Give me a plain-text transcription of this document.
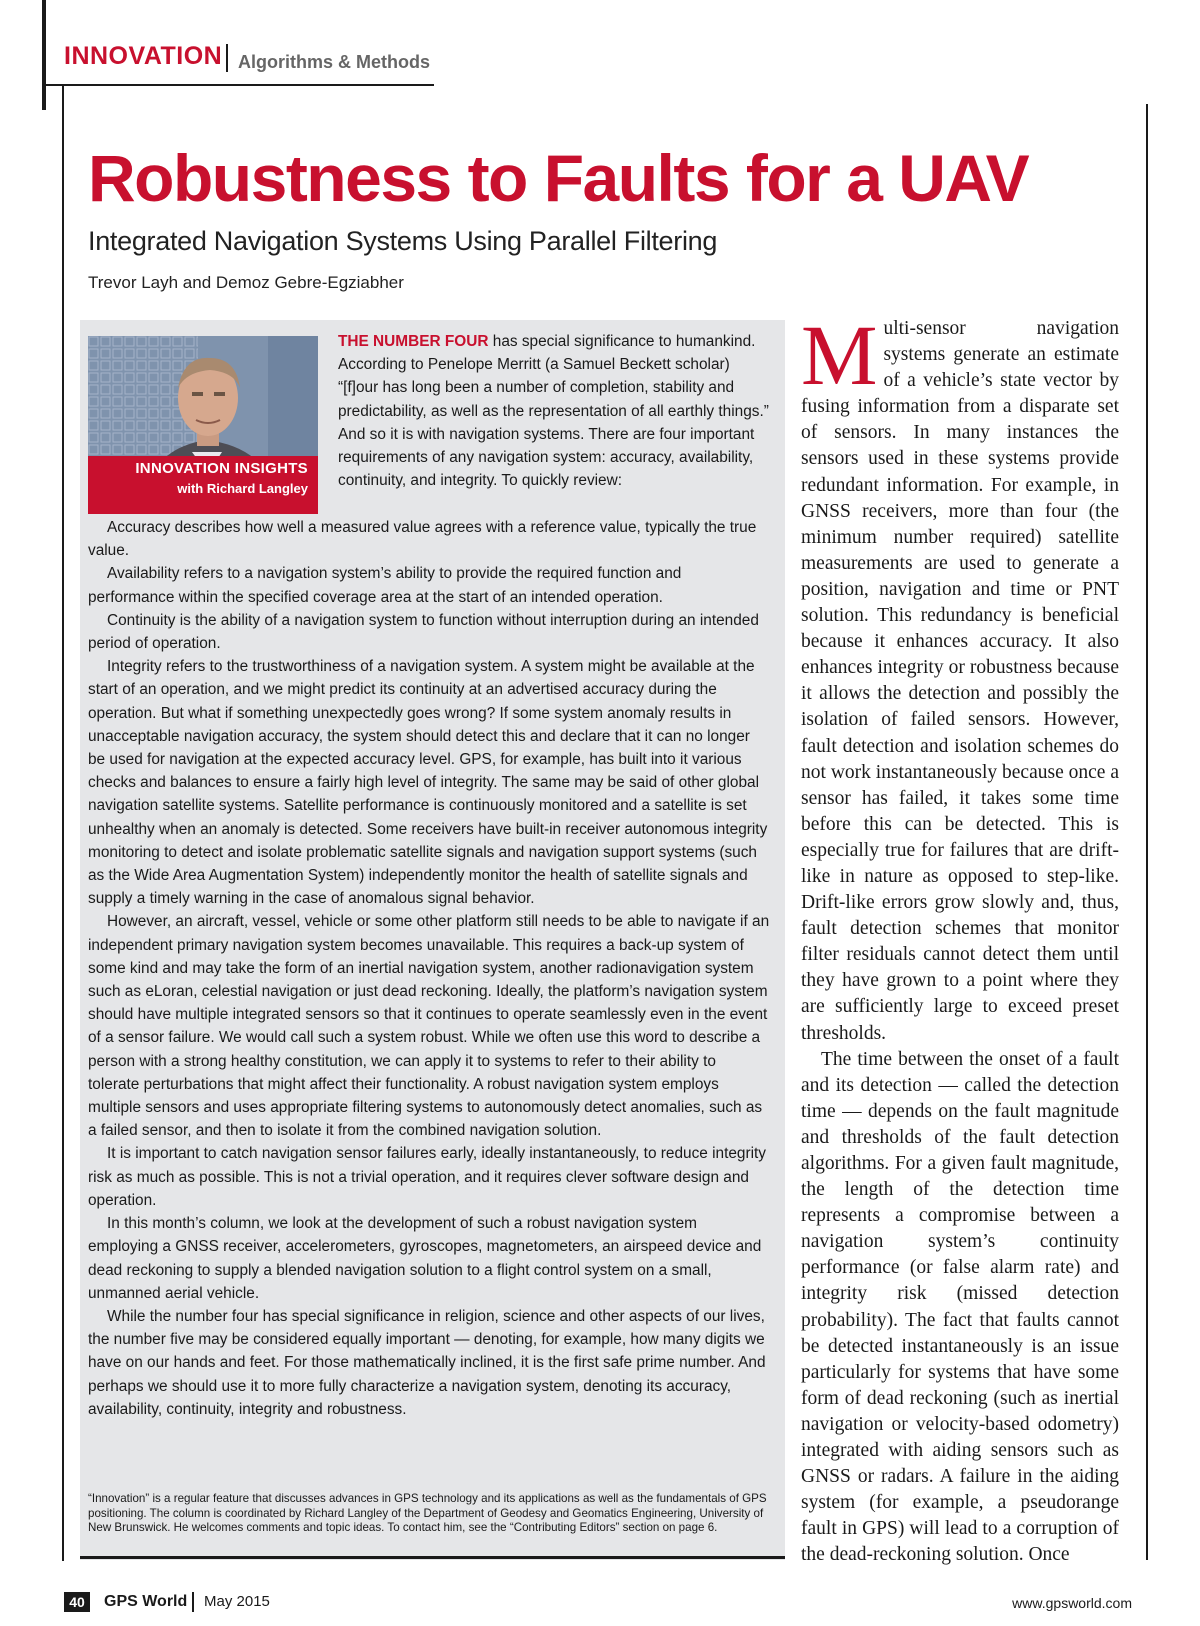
INNOVATION Algorithms & Methods
Robustness to Faults for a UAV
Integrated Navigation Systems Using Parallel Filtering
Trevor Layh and Demoz Gebre-Egziabher
INNOVATION INSIGHTS
with Richard Langley
THE NUMBER FOUR has special significance to humankind. According to Penelope Merritt (a Samuel Beckett scholar) “[f]our has long been a number of completion, stability and predictability, as well as the representation of all earthly things.” And so it is with navigation systems. There are four important requirements of any navigation system: accuracy, availability, continuity, and integrity. To quickly review:

Accuracy describes how well a measured value agrees with a reference value, typically the true value.

Availability refers to a navigation system’s ability to provide the required function and performance within the specified coverage area at the start of an intended operation.

Continuity is the ability of a navigation system to function without interruption during an intended period of operation.

Integrity refers to the trustworthiness of a navigation system. A system might be available at the start of an operation, and we might predict its continuity at an advertised accuracy during the operation. But what if something unexpectedly goes wrong? If some system anomaly results in unacceptable navigation accuracy, the system should detect this and declare that it can no longer be used for navigation at the expected accuracy level. GPS, for example, has built into it various checks and balances to ensure a fairly high level of integrity. The same may be said of other global navigation satellite systems. Satellite performance is continuously monitored and a satellite is set unhealthy when an anomaly is detected. Some receivers have built-in receiver autonomous integrity monitoring to detect and isolate problematic satellite signals and navigation support systems (such as the Wide Area Augmentation System) independently monitor the health of satellite signals and supply a timely warning in the case of anomalous signal behavior.

However, an aircraft, vessel, vehicle or some other platform still needs to be able to navigate if an independent primary navigation system becomes unavailable. This requires a back-up system of some kind and may take the form of an inertial navigation system, another radionavigation system such as eLoran, celestial navigation or just dead reckoning. Ideally, the platform’s navigation system should have multiple integrated sensors so that it continues to operate seamlessly even in the event of a sensor failure. We would call such a system robust. While we often use this word to describe a person with a strong healthy constitution, we can apply it to systems to refer to their ability to tolerate perturbations that might affect their functionality. A robust navigation system employs multiple sensors and uses appropriate filtering systems to autonomously detect anomalies, such as a failed sensor, and then to isolate it from the combined navigation solution.

It is important to catch navigation sensor failures early, ideally instantaneously, to reduce integrity risk as much as possible. This is not a trivial operation, and it requires clever software design and operation.

In this month’s column, we look at the development of such a robust navigation system employing a GNSS receiver, accelerometers, gyroscopes, magnetometers, an airspeed device and dead reckoning to supply a blended navigation solution to a flight control system on a small, unmanned aerial vehicle.

While the number four has special significance in religion, science and other aspects of our lives, the number five may be considered equally important — denoting, for example, how many digits we have on our hands and feet. For those mathematically inclined, it is the first safe prime number. And perhaps we should use it to more fully characterize a navigation system, denoting its accuracy, availability, continuity, integrity and robustness.

“Innovation” is a regular feature that discusses advances in GPS technology and its applications as well as the fundamentals of GPS positioning. The column is coordinated by Richard Langley of the Department of Geodesy and Geomatics Engineering, University of New Brunswick. He welcomes comments and topic ideas. To contact him, see the “Contributing Editors” section on page 6.

Multi-sensor navigation systems generate an estimate of a vehicle’s state vector by fusing information from a disparate set of sensors. In many instances the sensors used in these systems provide redundant information. For example, in GNSS receivers, more than four (the minimum number required) satellite measurements are used to generate a position, navigation and time or PNT solution. This redundancy is beneficial because it enhances accuracy. It also enhances integrity or robustness because it allows the detection and possibly the isolation of failed sensors. However, fault detection and isolation schemes do not work instantaneously because once a sensor has failed, it takes some time before this can be detected. This is especially true for failures that are drift-like in nature as opposed to step-like. Drift-like errors grow slowly and, thus, fault detection schemes that monitor filter residuals cannot detect them until they have grown to a point where they are sufficiently large to exceed preset thresholds.

The time between the onset of a fault and its detection — called the detection time — depends on the fault magnitude and thresholds of the fault detection algorithms. For a given fault magnitude, the length of the detection time represents a compromise between a navigation system’s continuity performance (or false alarm rate) and integrity risk (missed detection probability). The fact that faults cannot be detected instantaneously is an issue particularly for systems that have some form of dead reckoning (such as inertial navigation or velocity-based odometry) integrated with aiding sensors such as GNSS or radars. A failure in the aiding system (for example, a pseudorange fault in GPS) will lead to a corruption of the dead-reckoning solution. Once

40	GPS World May 2015	www.gpsworld.com
